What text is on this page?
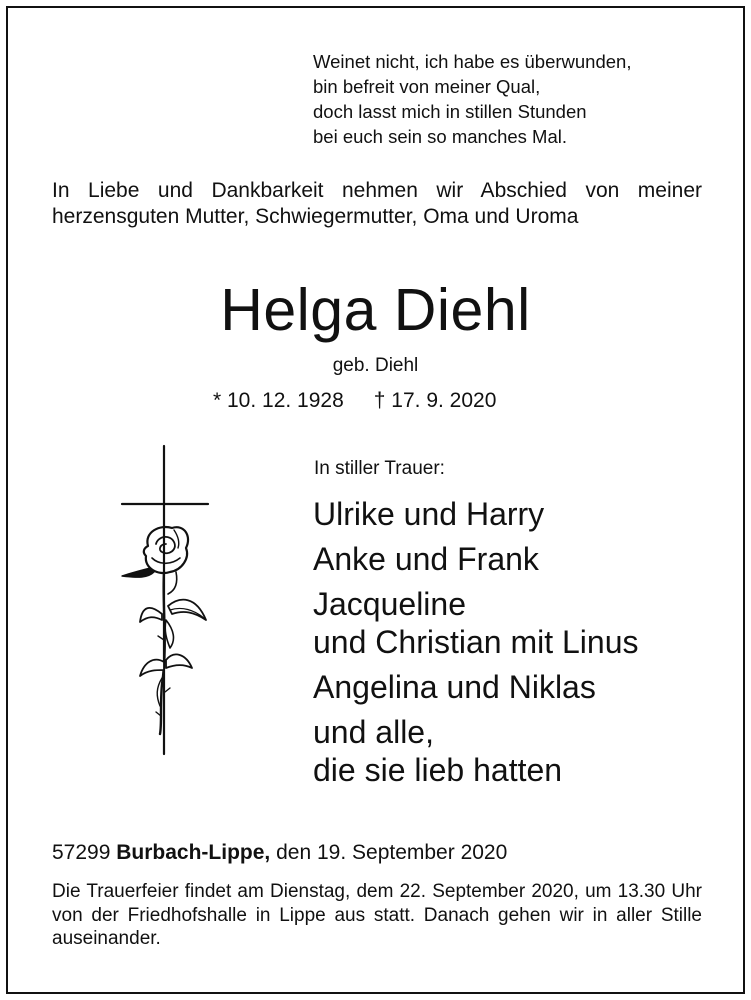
Weinet nicht, ich habe es überwunden,
bin befreit von meiner Qual,
doch lasst mich in stillen Stunden
bei euch sein so manches Mal.
In Liebe und Dankbarkeit nehmen wir Abschied von meiner herzensguten Mutter, Schwiegermutter, Oma und Uroma
Helga Diehl
geb. Diehl
* 10. 12. 1928 † 17. 9. 2020
In stiller Trauer:
Ulrike und Harry
Anke und Frank
Jacqueline
und Christian mit Linus
Angelina und Niklas
und alle,
die sie lieb hatten
57299 Burbach-Lippe, den 19. September 2020
Die Trauerfeier findet am Dienstag, dem 22. September 2020, um 13.30 Uhr von der Friedhofshalle in Lippe aus statt. Danach gehen wir in aller Stille auseinander.
